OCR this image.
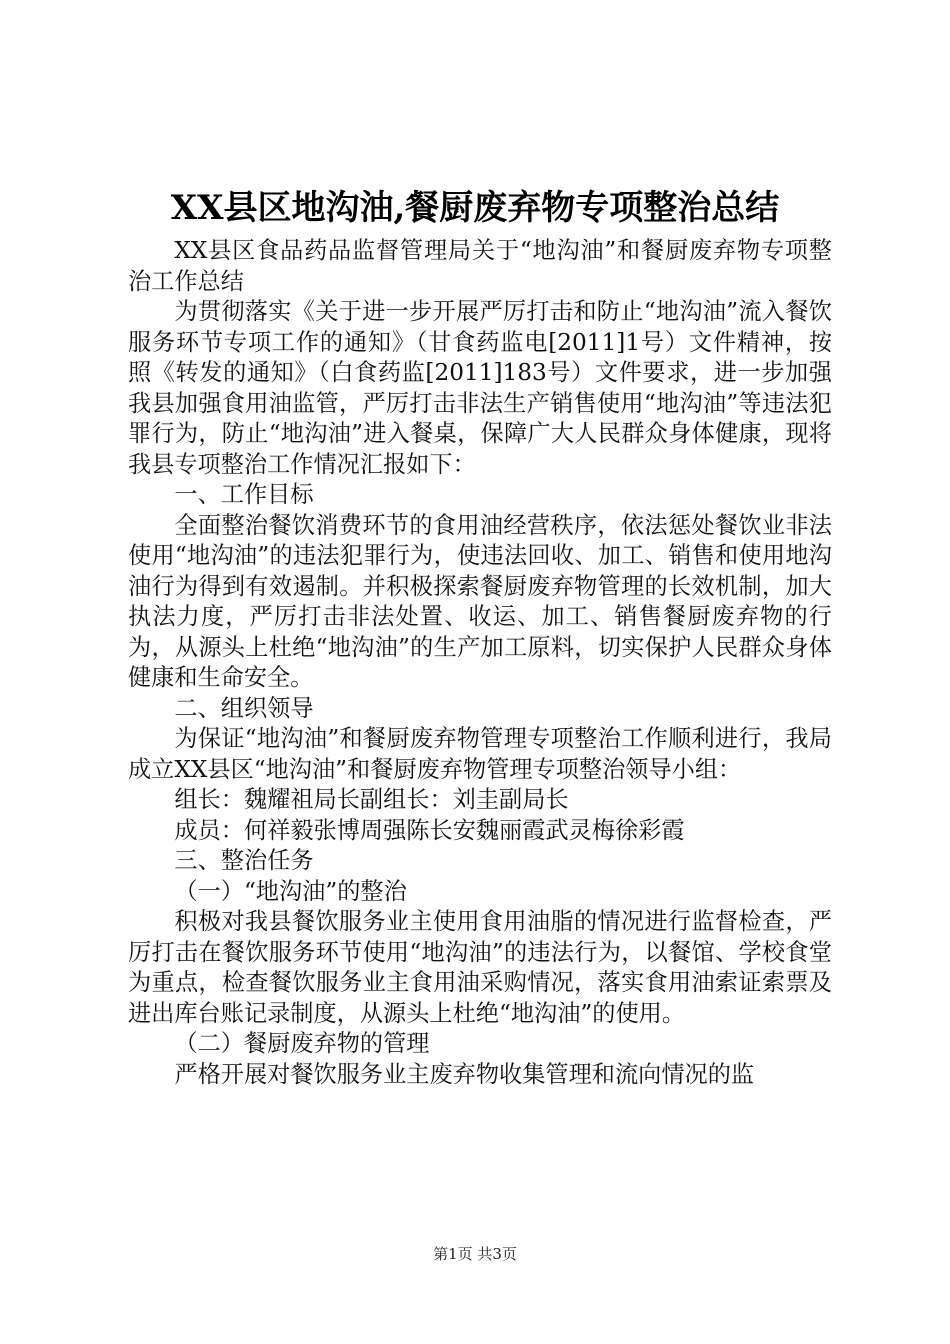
XX县区地沟油,餐厨废弃物专项整治总结

XX县区食品药品监督管理局关于“地沟油”和餐厨废弃物专项整治工作总结

为贯彻落实《关于进一步开展严厉打击和防止“地沟油”流入餐饮服务环节专项工作的通知》（甘食药监电[2011]1号）文件精神，按照《转发的通知》（白食药监[2011]183号）文件要求，进一步加强我县加强食用油监管，严厉打击非法生产销售使用“地沟油”等违法犯罪行为，防止“地沟油”进入餐桌，保障广大人民群众身体健康，现将我县专项整治工作情况汇报如下：

一、工作目标

全面整治餐饮消费环节的食用油经营秩序，依法惩处餐饮业非法使用“地沟油”的违法犯罪行为，使违法回收、加工、销售和使用地沟油行为得到有效遏制。并积极探索餐厨废弃物管理的长效机制，加大执法力度，严厉打击非法处置、收运、加工、销售餐厨废弃物的行为，从源头上杜绝“地沟油”的生产加工原料，切实保护人民群众身体健康和生命安全。

二、组织领导

为保证“地沟油”和餐厨废弃物管理专项整治工作顺利进行，我局成立XX县区“地沟油”和餐厨废弃物管理专项整治领导小组：

组长：魏耀祖局长副组长：刘圭副局长

成员：何祥毅张博周强陈长安魏丽霞武灵梅徐彩霞

三、整治任务

（一）“地沟油”的整治

积极对我县餐饮服务业主使用食用油脂的情况进行监督检查，严厉打击在餐饮服务环节使用“地沟油”的违法行为，以餐馆、学校食堂为重点，检查餐饮服务业主食用油采购情况，落实食用油索证索票及进出库台账记录制度，从源头上杜绝“地沟油”的使用。

（二）餐厨废弃物的管理

严格开展对餐饮服务业主废弃物收集管理和流向情况的监

第1页 共3页
